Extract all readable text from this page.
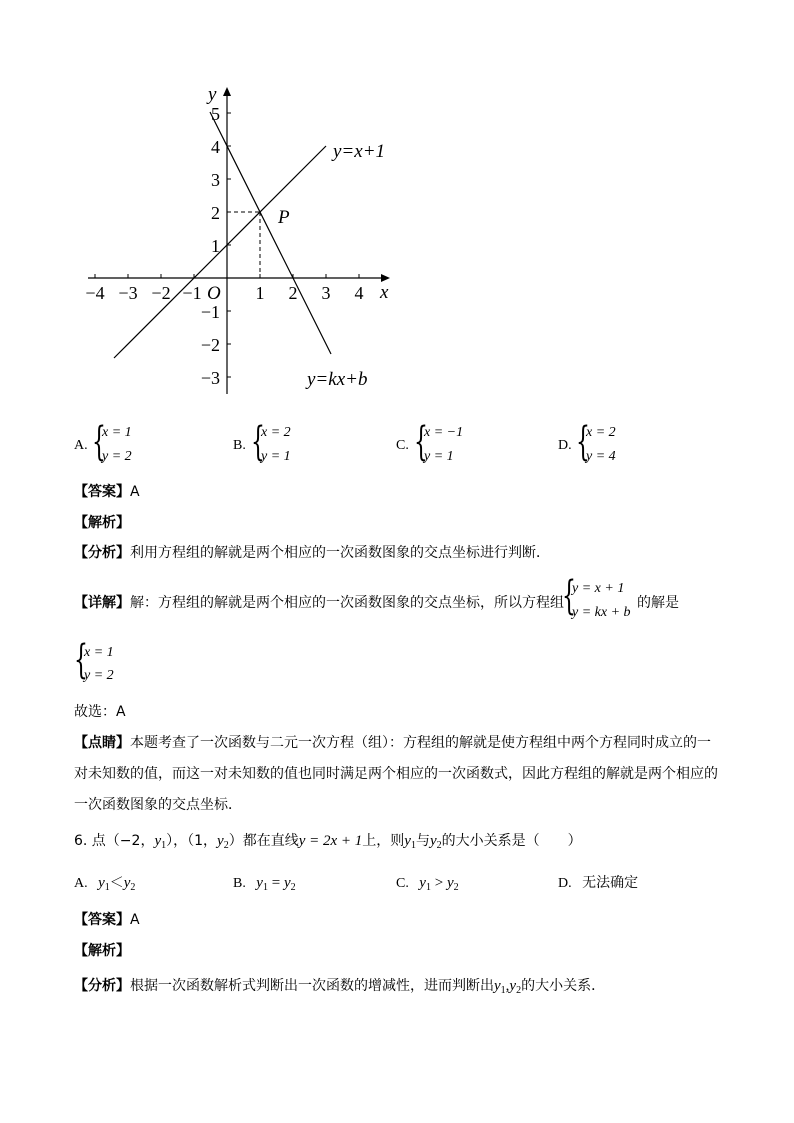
−4 −3 −2 −1	1 2 3 4
5
4
3
2
1
−1
−2
−3
O	x
y
P
y=x+1
y=kx+b
A. {
x = 1
y = 2
B. {
x = 2
y = 1
C. {
x = −1
y = 1
D. {
x = 2
y = 4
【答案】A
【解析】
【分析】利用方程组的解就是两个相应的一次函数图象的交点坐标进行判断．
【详解】解：方程组的解就是两个相应的一次函数图象的交点坐标，所以方程组
{
y = x + 1
y = kx + b
的解是
{
x = 1
y = 2
故选：A
【点睛】本题考查了一次函数与二元一次方程（组）：方程组的解就是使方程组中两个方程同时成立的一
对未知数的值，而这一对未知数的值也同时满足两个相应的一次函数式，因此方程组的解就是两个相应的
一次函数图象的交点坐标．
6. 点（−2，$y_1$），（1，$y_2$）都在直线y = 2x + 1上，则$y_1$与$y_2$的大小关系是（　　）
A. $y_1<y_2$	B. $y_1 = y_2$	C. $y_1 > y_2$	D. 无法确定
【答案】A
【解析】
【分析】根据一次函数解析式判断出一次函数的增减性，进而判断出$y_1,y_2$的大小关系．
